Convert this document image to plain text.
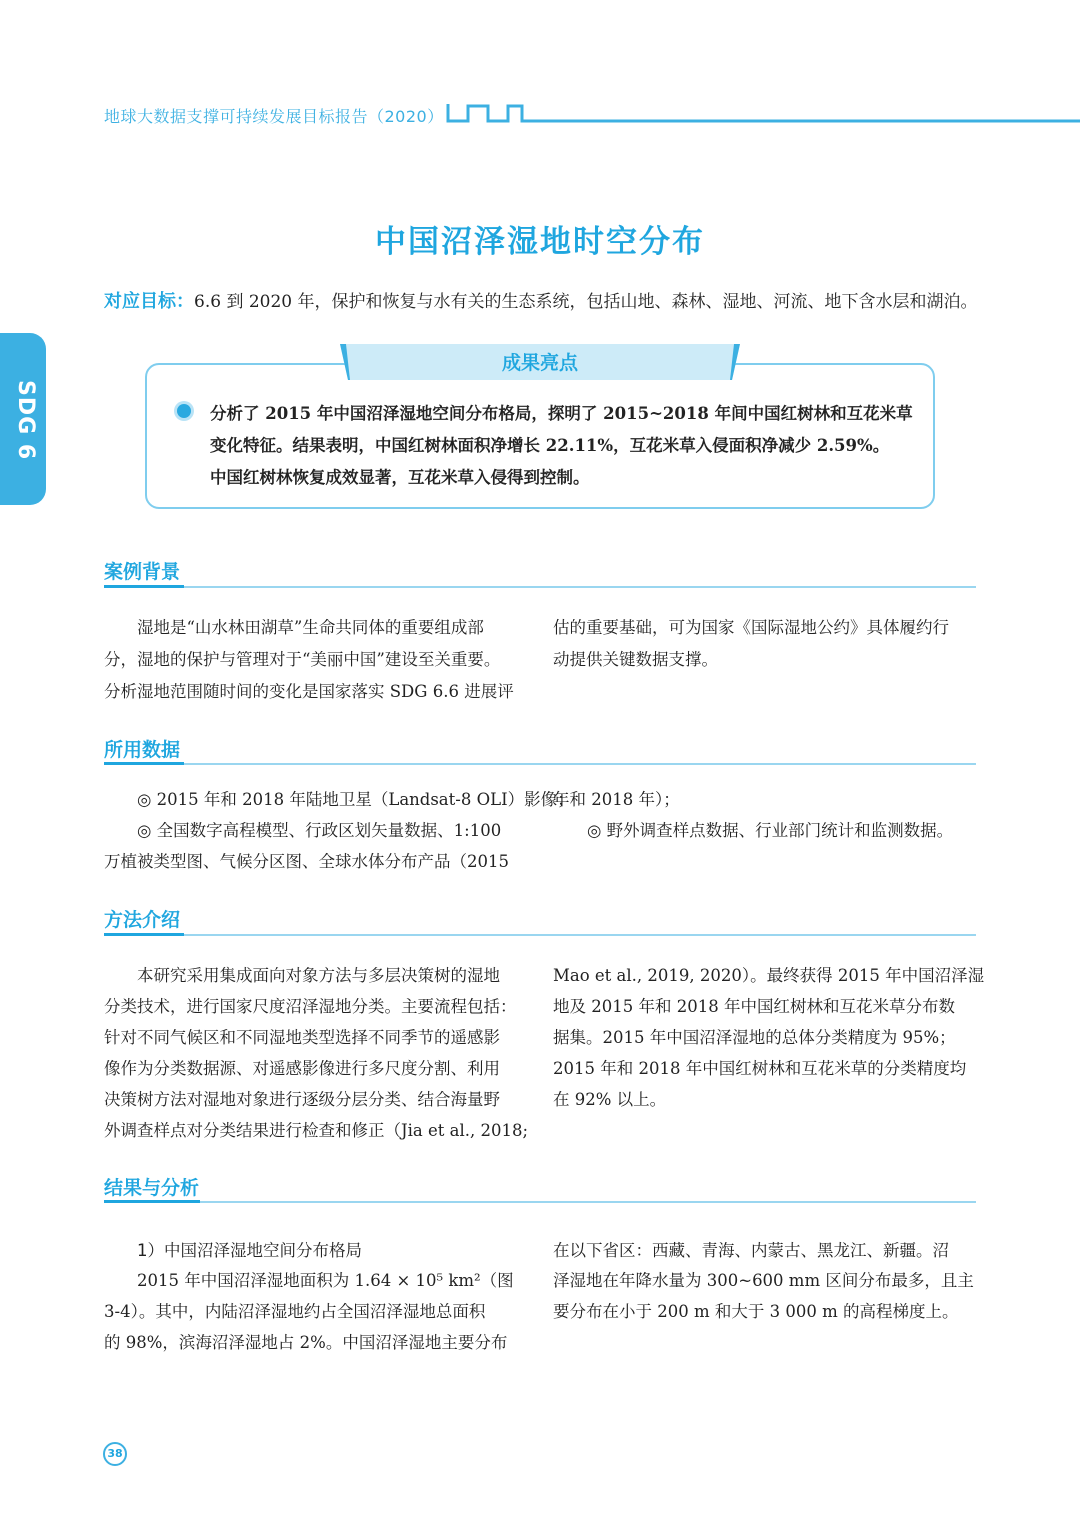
地球大数据支撑可持续发展目标报告（2020）
SDG 6
中国沼泽湿地时空分布
对应目标：6.6 到 2020 年，保护和恢复与水有关的生态系统，包括山地、森林、湿地、河流、地下含水层和湖泊。
成果亮点

分析了 2015 年中国沼泽湿地空间分布格局，探明了 2015~2018 年间中国红树林和互花米草

变化特征。结果表明，中国红树林面积净增长 22.11%，互花米草入侵面积净减少 2.59%。

中国红树林恢复成效显著，互花米草入侵得到控制。

案例背景

湿地是“山水林田湖草”生命共同体的重要组成部

分，湿地的保护与管理对于“美丽中国”建设至关重要。

分析湿地范围随时间的变化是国家落实 SDG 6.6 进展评

估的重要基础，可为国家《国际湿地公约》具体履约行

动提供关键数据支撑。

所用数据

◎ 2015 年和 2018 年陆地卫星（Landsat-8 OLI）影像；

◎ 全国数字高程模型、行政区划矢量数据、1:100

万植被类型图、气候分区图、全球水体分布产品（2015

年和 2018 年）；

◎ 野外调查样点数据、行业部门统计和监测数据。

方法介绍

本研究采用集成面向对象方法与多层决策树的湿地

分类技术，进行国家尺度沼泽湿地分类。主要流程包括：

针对不同气候区和不同湿地类型选择不同季节的遥感影

像作为分类数据源、对遥感影像进行多尺度分割、利用

决策树方法对湿地对象进行逐级分层分类、结合海量野

外调查样点对分类结果进行检查和修正（Jia et al., 2018;

Mao et al., 2019, 2020）。最终获得 2015 年中国沼泽湿

地及 2015 年和 2018 年中国红树林和互花米草分布数

据集。2015 年中国沼泽湿地的总体分类精度为 95%；

2015 年和 2018 年中国红树林和互花米草的分类精度均

在 92% 以上。

结果与分析

1）中国沼泽湿地空间分布格局

2015 年中国沼泽湿地面积为 1.64 × 10⁵ km²（图

3-4）。其中，内陆沼泽湿地约占全国沼泽湿地总面积

的 98%，滨海沼泽湿地占 2%。中国沼泽湿地主要分布

在以下省区：西藏、青海、内蒙古、黑龙江、新疆。沼

泽湿地在年降水量为 300~600 mm 区间分布最多，且主

要分布在小于 200 m 和大于 3 000 m 的高程梯度上。

38
